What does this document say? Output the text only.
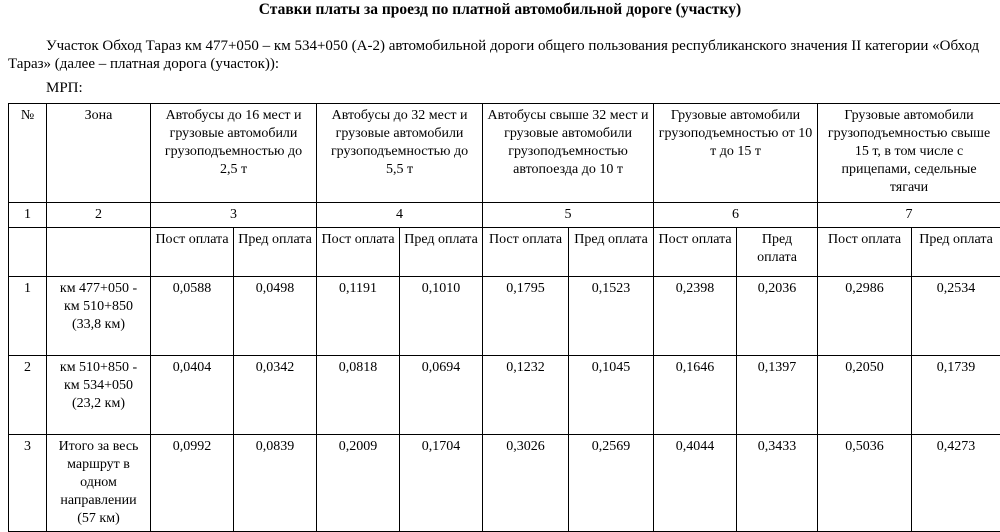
Ставки платы за проезд по платной автомобильной дороге (участку)
Участок Обход Тараз км 477+050 – км 534+050 (А-2) автомобильной дороги общего пользования республиканского значения II категории «Обход Тараз» (далее – платная дорога (участок)):
МРП:
№	Зона	Автобусы до 16 мест и грузовые автомобили грузоподъемностью до 2,5 т		Автобусы до 32 мест и грузовые автомобили грузоподъемностью до 5,5 т		Автобусы свыше 32 мест и грузовые автомобили грузоподъемностью автопоезда до 10 т		Грузовые автомобили грузоподъемностью от 10 т до 15 т		Грузовые автомобили грузоподъемностью свыше 15 т, в том числе с прицепами, седельные тягачи	
1	2	3		4		5		6		7	
		Пост оплата	Пред оплата	Пост оплата	Пред оплата	Пост оплата	Пред оплата	Пост оплата	Пред оплата	Пост оплата	Пред оплата
1	км 477+050 - км 510+850 (33,8 км)	0,0588	0,0498	0,1191	0,1010	0,1795	0,1523	0,2398	0,2036	0,2986	0,2534
2	км 510+850 - км 534+050 (23,2 км)	0,0404	0,0342	0,0818	0,0694	0,1232	0,1045	0,1646	0,1397	0,2050	0,1739
3	Итого за весь маршрут в одном направлении (57 км)	0,0992	0,0839	0,2009	0,1704	0,3026	0,2569	0,4044	0,3433	0,5036	0,4273
